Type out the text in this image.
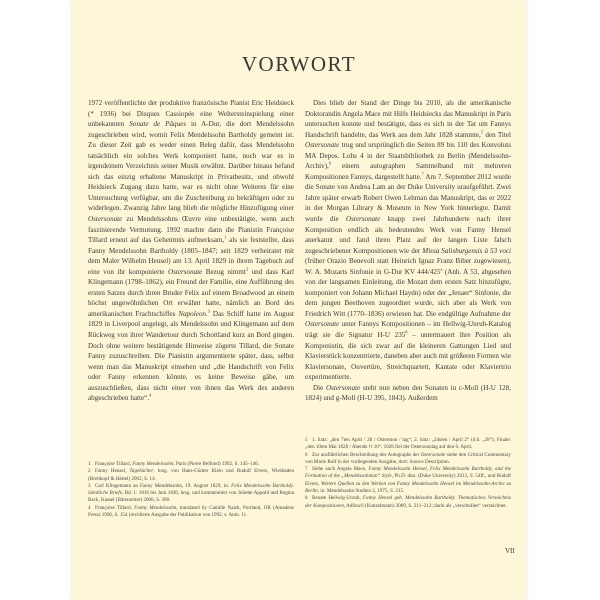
VORWORT

1972 veröffentlichte der produktive französische Pianist Eric Heidsieck (* 1936) bei Disques Cassiopée eine Weltersteinspielung einer unbekannten Sonate de Pâques in A-Dur, die dort Mendelssohn zugeschrieben wird, womit Felix Mendelssohn Bartholdy gemeint ist. Zu dieser Zeit gab es weder einen Beleg dafür, dass Mendelssohn tatsächlich ein solches Werk komponiert hatte, noch war es in irgendeinem Verzeichnis seiner Musik erwähnt. Darüber hinaus befand sich das einzig erhaltene Manuskript in Privatbesitz, und obwohl Heidsieck Zugang dazu hatte, war es nicht ohne Weiteres für eine Untersuchung verfügbar, um die Zuschreibung zu bekräftigen oder zu widerlegen. Zwanzig Jahre lang blieb die mögliche Hinzufügung einer Ostersonate zu Mendelssohns Œuvre eine unbestätigte, wenn auch faszinierende Vermutung. 1992 machte dann die Pianistin Françoise Tillard erneut auf das Geheimnis aufmerksam,$^1$ als sie feststellte, dass Fanny Mendelssohn Bartholdy (1805–1847; seit 1829 verheiratet mit dem Maler Wilhelm Hensel) am 13. April 1829 in ihrem Tagebuch auf eine von ihr komponierte Ostersonate Bezug nimmt$^2$ und dass Karl Klingemann (1798–1862), ein Freund der Familie, eine Aufführung des ersten Satzes durch ihren Bruder Felix auf einem Broadwood an einem höchst ungewöhnlichen Ort erwähnt hatte, nämlich an Bord des amerikanischen Frachtschiffes Napoleon.$^3$ Das Schiff hatte im August 1829 in Liverpool angelegt, als Mendelssohn und Klingemann auf dem Rückweg von ihrer Wandertour durch Schottland kurz an Bord gingen. Doch ohne weitere bestätigende Hinweise zögerte Tillard, die Sonate Fanny zuzuschreiben. Die Pianistin argumentierte später, dass, selbst wenn man das Manuskript einsehen und „die Handschrift von Felix oder Fanny erkennen könnte, es keine Beweise gäbe, um auszuschließen, dass nicht einer von ihnen das Werk des anderen abgeschrieben hatte“.$^4$

Dies blieb der Stand der Dinge bis 2010, als die amerikanische Doktorandin Angela Mace mit Hilfe Heidsiecks das Manuskript in Paris untersuchen konnte und bestätigte, dass es sich in der Tat um Fannys Handschrift handelte, das Werk aus dem Jahr 1828 stammte,$^5$ den Titel Ostersonate trug und ursprünglich die Seiten 89 bis 110 des Konvoluts MA Depos. Lohs 4 in der Staatsbibliothek zu Berlin (Mendelssohn-Archiv),$^6$ einem autographen Sammelband mit mehreren Kompositionen Fannys, dargestellt hatte.$^7$ Am 7. September 2012 wurde die Sonate von Andrea Lam an der Duke University uraufgeführt. Zwei Jahre später erwarb Robert Owen Lehman das Manuskript, das er 2022 in der Morgan Library & Museum in New York hinterlegte. Damit wurde die Ostersonate knapp zwei Jahrhunderte nach ihrer Komposition endlich als bedeutendes Werk von Fanny Hensel anerkannt und fand ihren Platz auf der langen Liste falsch zugeschriebener Kompositionen wie der Missa Salisburgensis à 53 voci (früher Orazio Benevoli statt Heinrich Ignaz Franz Biber zugewiesen), W. A. Mozarts Sinfonie in G-Dur KV 444/425$^a$ (Anh. A 53, abgesehen von der langsamen Einleitung, die Mozart dem ersten Satz hinzufügte, komponiert von Johann Michael Haydn) oder der „Jenaer“ Sinfonie, die dem jungen Beethoven zugeordnet wurde, sich aber als Werk von Friedrich Witt (1770–1836) erwiesen hat. Die endgültige Aufnahme der Ostersonate unter Fannys Kompositionen – im Hellwig-Unruh-Katalog trägt sie die Signatur H-U $235^8$ – untermauert ihre Position als Komponistin, die sich zwar auf die kleineren Gattungen Lied und Klavierstück konzentrierte, daneben aber auch mit größeren Formen wie Klaviersonate, Ouvertüre, Streichquartett, Kantate oder Klaviertrio experimentierte.

Die Ostersonate steht nun neben den Sonaten in c-Moll (H-U 128, 1824) und g-Moll (H-U 395, 1843). Außerdem

1 Françoise Tillard, Fanny Mendelssohn, Paris (Pierre Belfond) 1992, S. 145–146.

2 Fanny Hensel, Tagebücher, hrsg. von Hans-Günter Klein und Rudolf Elvers, Wiesbaden (Breitkopf & Härtel) 2002, S. 14.

3 Carl Klingemann an Fanny Mendelssohn, 19. August 1829, in: Felix Mendelssohn Bartholdy. Sämtliche Briefe, Bd. 1: 1816 bis Juni 1830, hrsg. und kommentiert von Juliette Appold und Regina Back, Kassel (Bärenreiter) 2008, S. 380.

4 Françoise Tillard, Fanny Mendelssohn, translated by Camille Naish, Portland, OR (Amadeus Press) 1996, S. 154 (revidierte Ausgabe der Publikation von 1992, s. Anm. 1).

5 1. Satz: „den 7ten April / 28 / Ostermon / tag“; 2. Satz: „24sten / April 2“ (d.h. „28“); Finale: „den 10ten Mai 1828 / Abends ½ 10“. 1828 fiel der Ostersonntag auf den 6. April.

6 Zur ausführlichen Beschreibung des Autographs der Ostersonate siehe den Critical Commentary von Marie Rolf in der vorliegenden Ausgabe, dort: Source Description.

7 Siehe auch Angela Mace, Fanny Mendelssohn Hensel, Felix Mendelssohn Bartholdy, and the Formation of the „Mendelssohnian“ Style, Ph.D. diss. (Duke University) 2013, S. 54ff., und Rudolf Elvers, Weitere Quellen zu den Werken von Fanny Mendelssohn Hensel im Mendelssohn-Archiv zu Berlin, in: Mendelssohn Studien 2, 1975, S. 215.

8 Renate Hellwig-Unruh, Fanny Hensel geb. Mendelssohn Bartholdy. Thematisches Verzeichnis der Kompositionen, Adliswil (Kunzelmann) 2000, S. 211–212; darin als „verschollen“ verzeichnet.

VII
